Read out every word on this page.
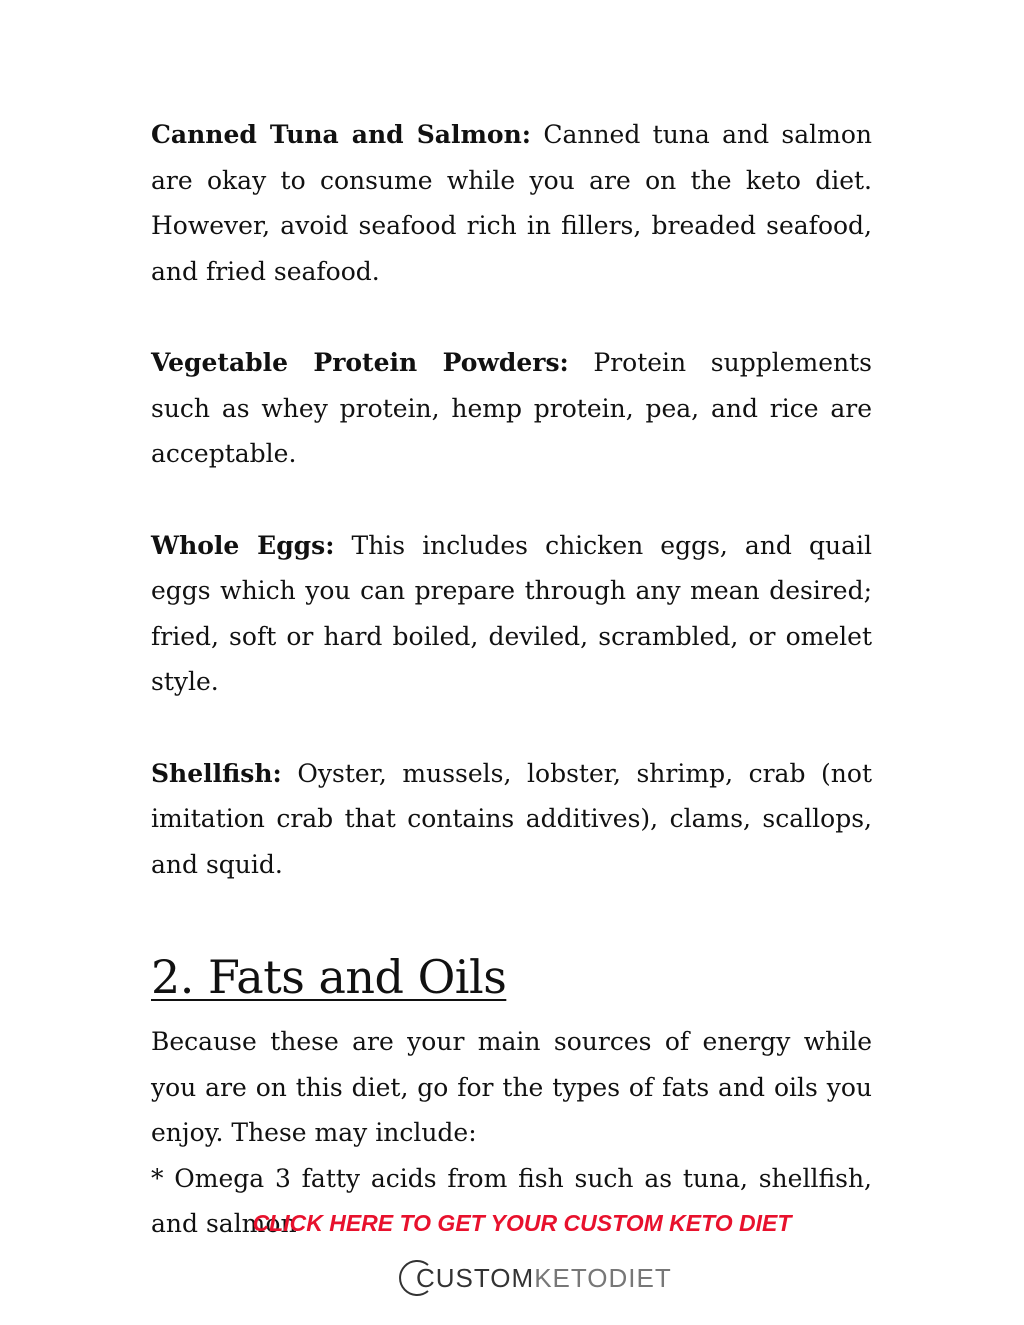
Canned Tuna and Salmon: Canned tuna and salmon are okay to consume while you are on the keto diet. However, avoid seafood rich in fillers, breaded seafood, and fried seafood.

Vegetable Protein Powders: Protein supplements such as whey protein, hemp protein, pea, and rice are acceptable.

Whole Eggs: This includes chicken eggs, and quail eggs which you can prepare through any mean desired; fried, soft or hard boiled, deviled, scrambled, or omelet style.

Shellfish: Oyster, mussels, lobster, shrimp, crab (not imitation crab that contains additives), clams, scallops, and squid.

2. Fats and Oils

Because these are your main sources of energy while you are on this diet, go for the types of fats and oils you enjoy. These may include:

* Omega 3 fatty acids from fish such as tuna, shellfish, and salmon

CLICK HERE TO GET YOUR CUSTOM KETO DIET
CUSTOM KETODIET
